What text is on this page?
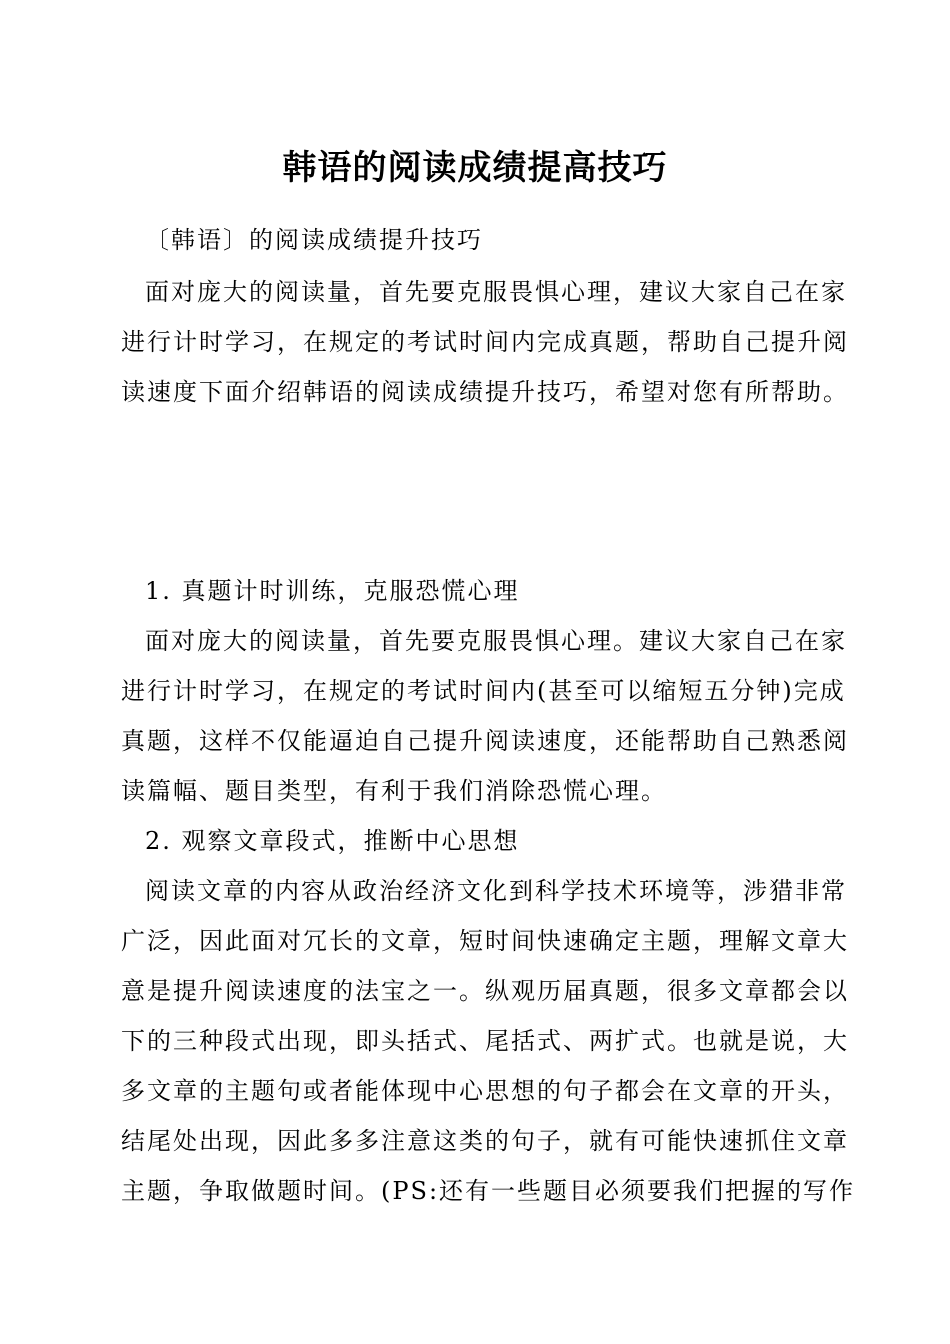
韩语的阅读成绩提高技巧
〔韩语〕的阅读成绩提升技巧
面对庞大的阅读量，首先要克服畏惧心理，建议大家自己在家
进行计时学习，在规定的考试时间内完成真题，帮助自己提升阅
读速度下面介绍韩语的阅读成绩提升技巧，希望对您有所帮助。
1. 真题计时训练，克服恐慌心理
面对庞大的阅读量，首先要克服畏惧心理。建议大家自己在家
进行计时学习，在规定的考试时间内(甚至可以缩短五分钟)完成
真题，这样不仅能逼迫自己提升阅读速度，还能帮助自己熟悉阅
读篇幅、题目类型，有利于我们消除恐慌心理。
2. 观察文章段式，推断中心思想
阅读文章的内容从政治经济文化到科学技术环境等，涉猎非常
广泛，因此面对冗长的文章，短时间快速确定主题，理解文章大
意是提升阅读速度的法宝之一。纵观历届真题，很多文章都会以
下的三种段式出现，即头括式、尾括式、两扩式。也就是说，大
多文章的主题句或者能体现中心思想的句子都会在文章的开头，
结尾处出现，因此多多注意这类的句子，就有可能快速抓住文章
主题，争取做题时间。(PS:还有一些题目必须要我们把握的写作
